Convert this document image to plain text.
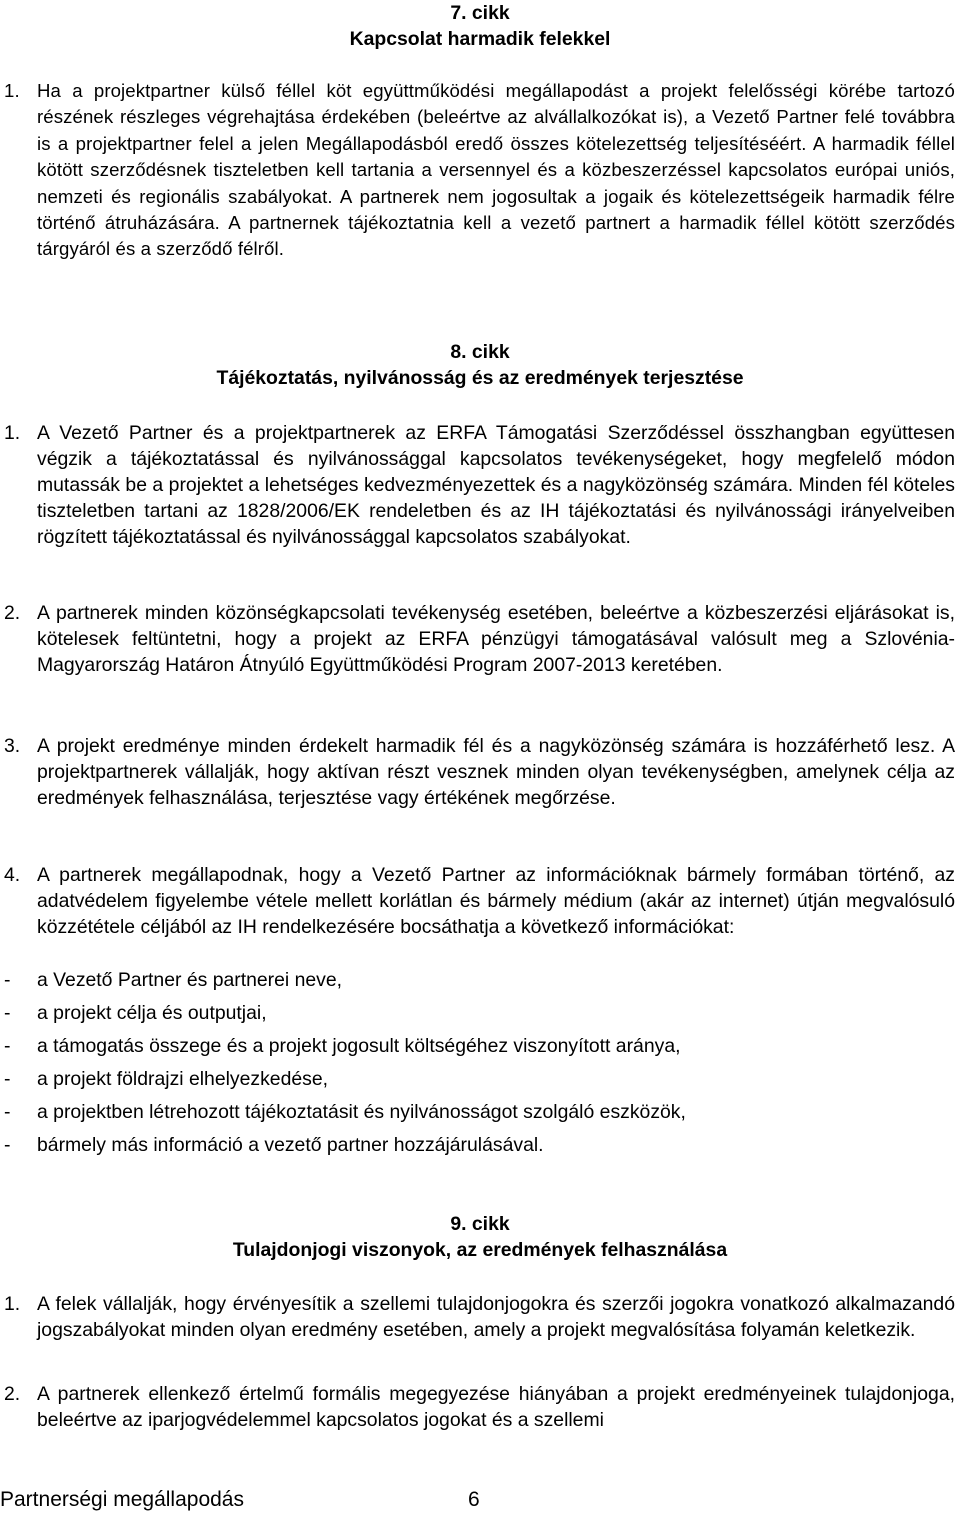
7. cikk
Kapcsolat harmadik felekkel
1. Ha a projektpartner külső féllel köt együttműködési megállapodást a projekt felelősségi körébe tartozó részének részleges végrehajtása érdekében (beleértve az alvállalkozókat is), a Vezető Partner felé továbbra is a projektpartner felel a jelen Megállapodásból eredő összes kötelezettség teljesítéséért. A harmadik féllel kötött szerződésnek tiszteletben kell tartania a versennyel és a közbeszerzéssel kapcsolatos európai uniós, nemzeti és regionális szabályokat. A partnerek nem jogosultak a jogaik és kötelezettségeik harmadik félre történő átruházására. A partnernek tájékoztatnia kell a vezető partnert a harmadik féllel kötött szerződés tárgyáról és a szerződő félről.
8. cikk
Tájékoztatás, nyilvánosság és az eredmények terjesztése
1. A Vezető Partner és a projektpartnerek az ERFA Támogatási Szerződéssel összhangban együttesen végzik a tájékoztatással és nyilvánossággal kapcsolatos tevékenységeket, hogy megfelelő módon mutassák be a projektet a lehetséges kedvezményezettek és a nagyközönség számára. Minden fél köteles tiszteletben tartani az 1828/2006/EK rendeletben és az IH tájékoztatási és nyilvánossági irányelveiben rögzített tájékoztatással és nyilvánossággal kapcsolatos szabályokat.
2. A partnerek minden közönségkapcsolati tevékenység esetében, beleértve a közbeszerzési eljárásokat is, kötelesek feltüntetni, hogy a projekt az ERFA pénzügyi támogatásával valósult meg a Szlovénia-Magyarország Határon Átnyúló Együttműködési Program 2007-2013 keretében.
3. A projekt eredménye minden érdekelt harmadik fél és a nagyközönség számára is hozzáférhető lesz. A projektpartnerek vállalják, hogy aktívan részt vesznek minden olyan tevékenységben, amelynek célja az eredmények felhasználása, terjesztése vagy értékének megőrzése.
4. A partnerek megállapodnak, hogy a Vezető Partner az információknak bármely formában történő, az adatvédelem figyelembe vétele mellett korlátlan és bármely médium (akár az internet) útján megvalósuló közzététele céljából az IH rendelkezésére bocsáthatja a következő információkat:
- a Vezető Partner és partnerei neve,
- a projekt célja és outputjai,
- a támogatás összege és a projekt jogosult költségéhez viszonyított aránya,
- a projekt földrajzi elhelyezkedése,
- a projektben létrehozott tájékoztatásit és nyilvánosságot szolgáló eszközök,
- bármely más információ a vezető partner hozzájárulásával.
9. cikk
Tulajdonjogi viszonyok, az eredmények felhasználása
1. A felek vállalják, hogy érvényesítik a szellemi tulajdonjogokra és szerzői jogokra vonatkozó alkalmazandó jogszabályokat minden olyan eredmény esetében, amely a projekt megvalósítása folyamán keletkezik.
2. A partnerek ellenkező értelmű formális megegyezése hiányában a projekt eredményeinek tulajdonjoga, beleértve az iparjogvédelemmel kapcsolatos jogokat és a szellemi
Partnerségi megállapodás	6
